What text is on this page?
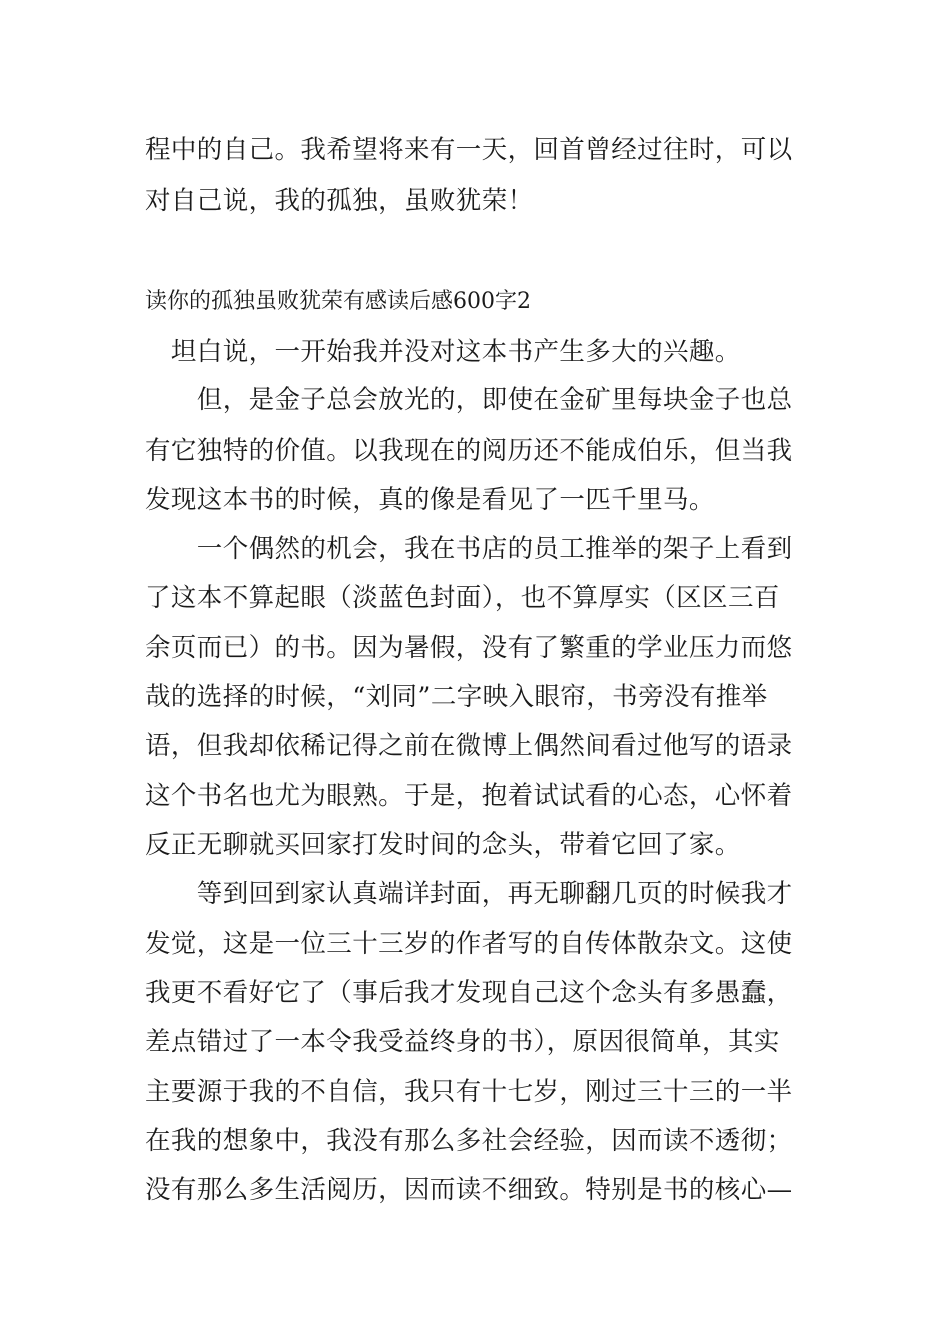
程中的自己。我希望将来有一天，回首曾经过往时，可以
对自己说，我的孤独，虽败犹荣！
读你的孤独虽败犹荣有感读后感600字2
　坦白说，一开始我并没对这本书产生多大的兴趣。
　　但，是金子总会放光的，即使在金矿里每块金子也总
有它独特的价值。以我现在的阅历还不能成伯乐，但当我
发现这本书的时候，真的像是看见了一匹千里马。
　　一个偶然的机会，我在书店的员工推举的架子上看到
了这本不算起眼（淡蓝色封面），也不算厚实（区区三百
余页而已）的书。因为暑假，没有了繁重的学业压力而悠
哉的选择的时候，“刘同”二字映入眼帘，书旁没有推举
语，但我却依稀记得之前在微博上偶然间看过他写的语录
这个书名也尤为眼熟。于是，抱着试试看的心态，心怀着
反正无聊就买回家打发时间的念头，带着它回了家。
　　等到回到家认真端详封面，再无聊翻几页的时候我才
发觉，这是一位三十三岁的作者写的自传体散杂文。这使
我更不看好它了（事后我才发现自己这个念头有多愚蠢，
差点错过了一本令我受益终身的书），原因很简单，其实
主要源于我的不自信，我只有十七岁，刚过三十三的一半
在我的想象中，我没有那么多社会经验，因而读不透彻；
没有那么多生活阅历，因而读不细致。特别是书的核心—
